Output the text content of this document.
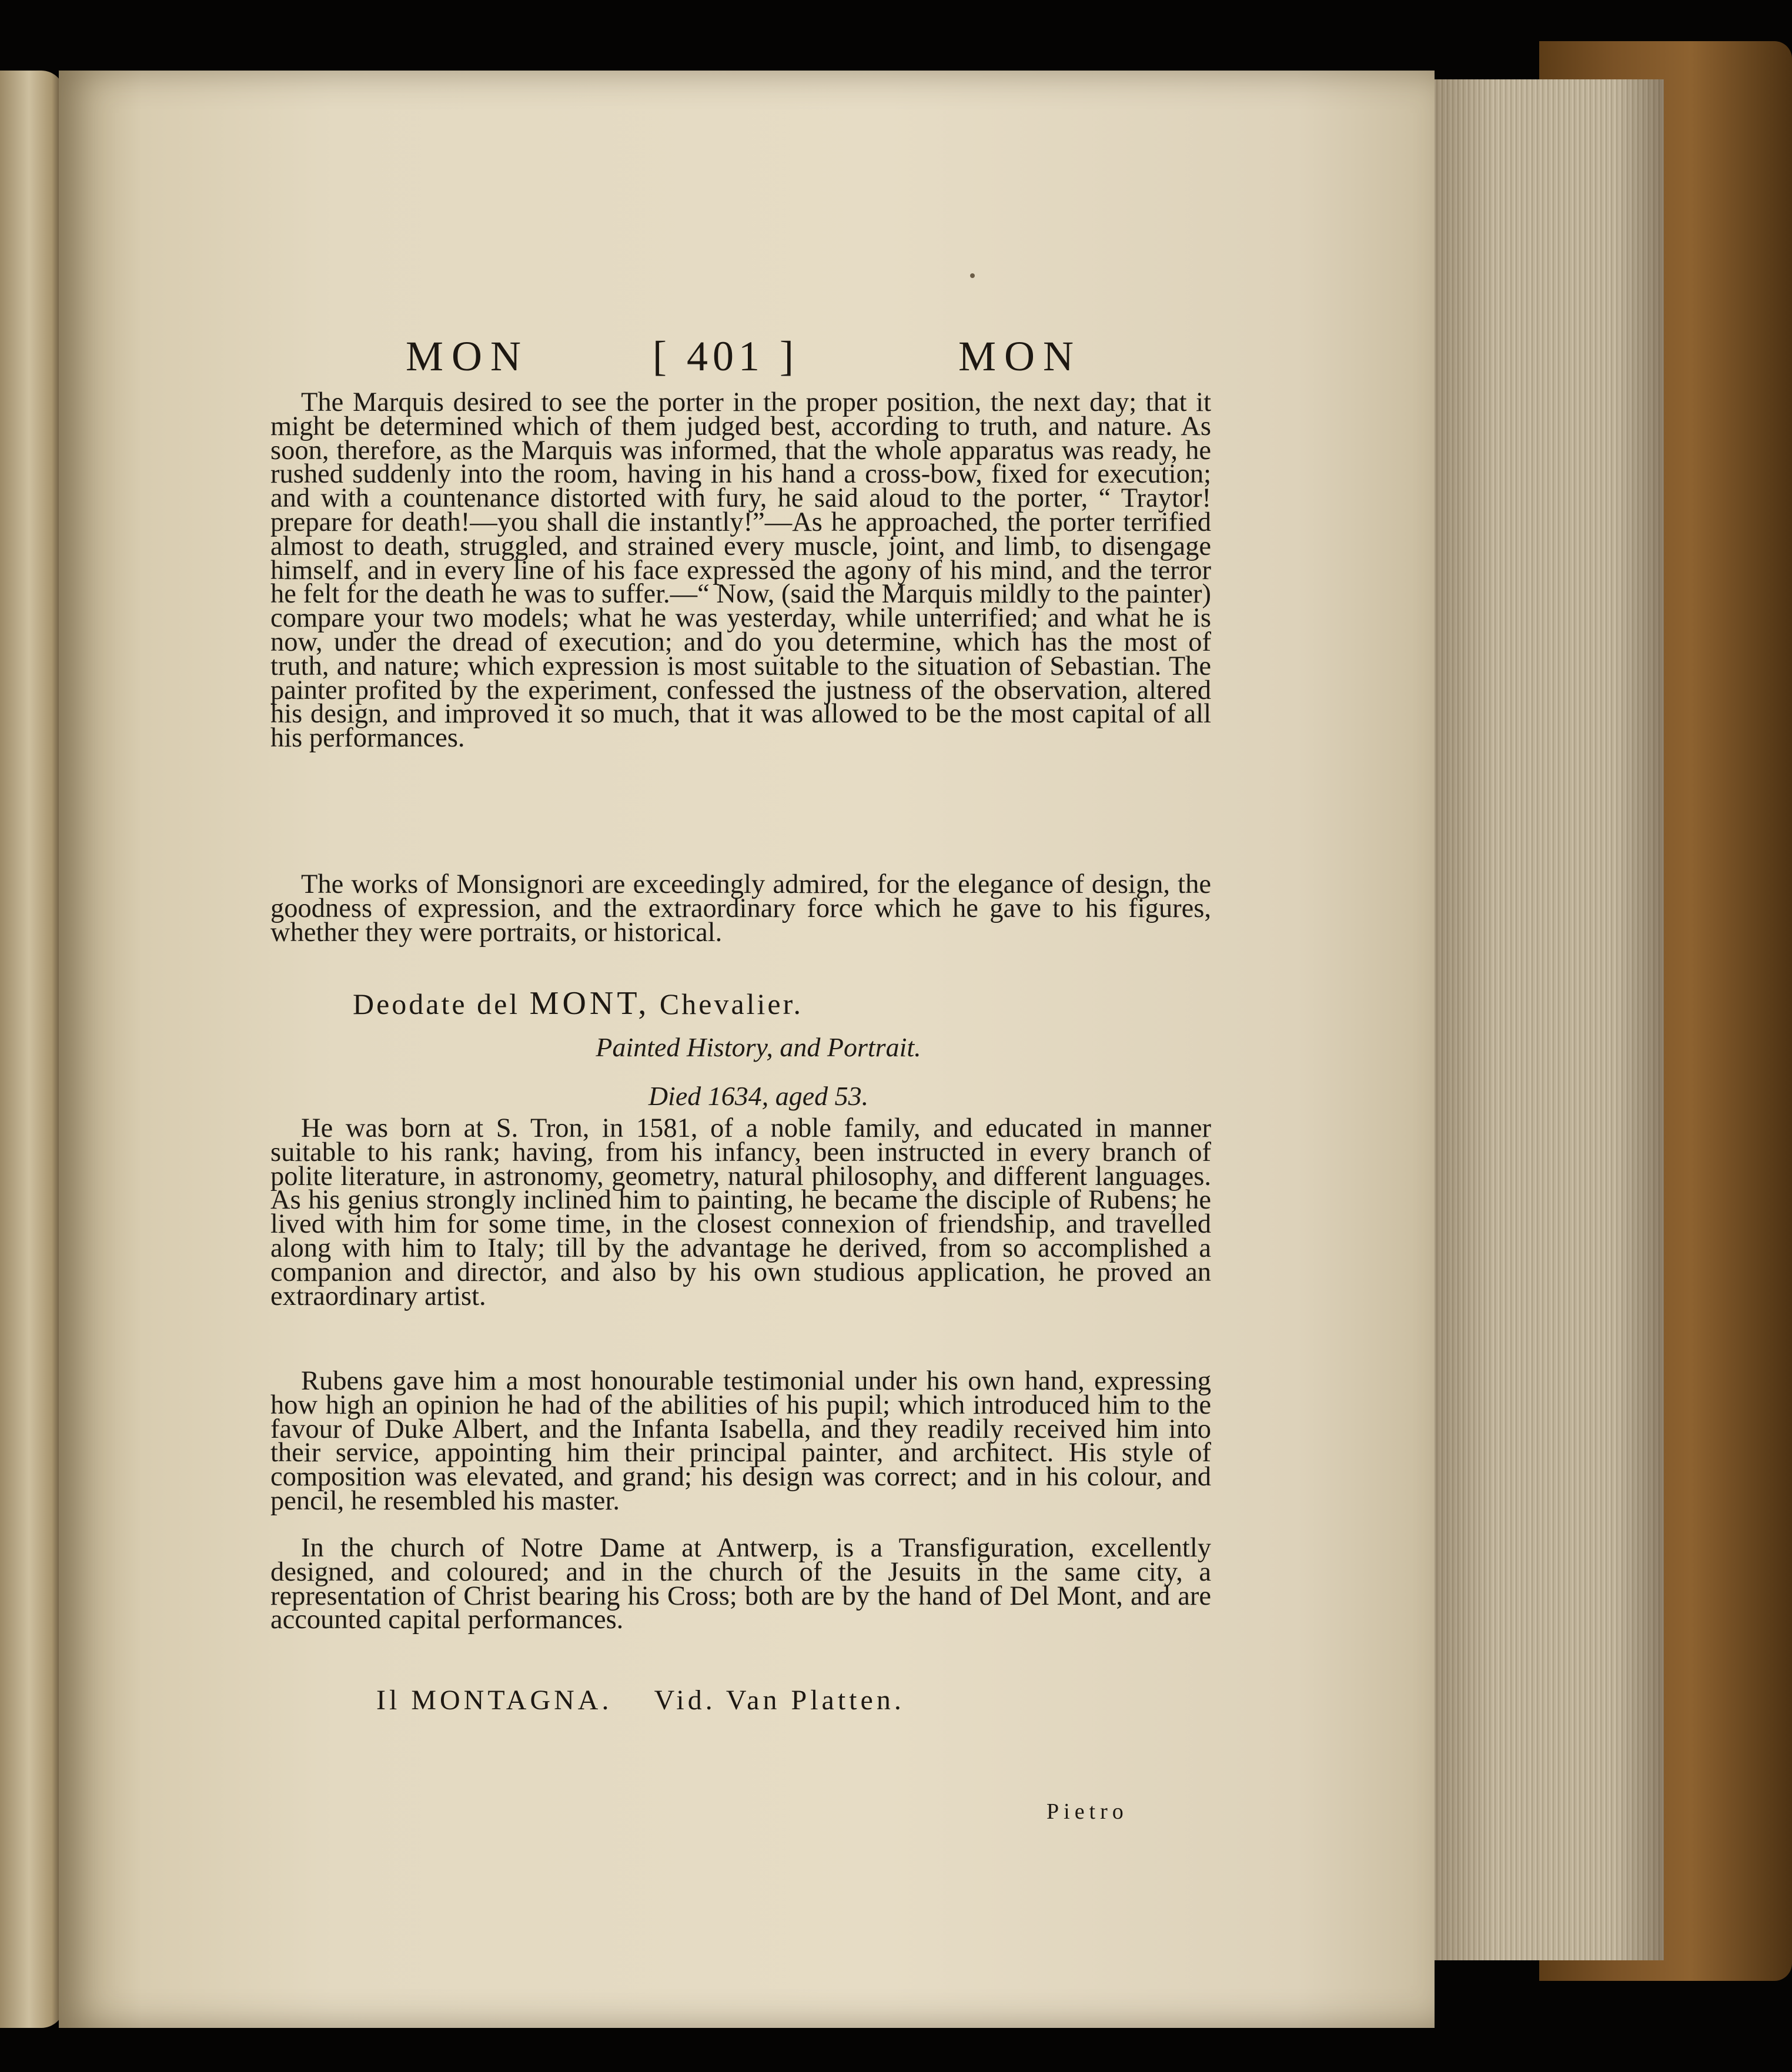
MON	[ 401 ]	MON

The Marquis desired to see the porter in the proper position, the next day; that it might be determined which of them judged best, according to truth, and nature. As soon, therefore, as the Marquis was informed, that the whole apparatus was ready, he rushed suddenly into the room, having in his hand a cross-bow, fixed for execution; and with a countenance distorted with fury, he said aloud to the porter, “ Traytor! prepare for death!—you shall die instantly!”—As he approached, the porter terrified almost to death, struggled, and strained every muscle, joint, and limb, to disengage himself, and in every line of his face expressed the agony of his mind, and the terror he felt for the death he was to suffer.—“ Now, (said the Marquis mildly to the painter) compare your two models; what he was yesterday, while unterrified; and what he is now, under the dread of execution; and do you determine, which has the most of truth, and nature; which expression is most suitable to the situation of Sebastian. The painter profited by the experiment, confessed the justness of the observation, altered his design, and improved it so much, that it was allowed to be the most capital of all his performances.

The works of Monsignori are exceedingly admired, for the elegance of design, the goodness of expression, and the extraordinary force which he gave to his figures, whether they were portraits, or historical.

Deodate del MONT, Chevalier.
Painted History, and Portrait.
Died 1634, aged 53.

He was born at S. Tron, in 1581, of a noble family, and educated in manner suitable to his rank; having, from his infancy, been instructed in every branch of polite literature, in astronomy, geometry, natural philosophy, and different languages. As his genius strongly inclined him to painting, he became the disciple of Rubens; he lived with him for some time, in the closest connexion of friendship, and travelled along with him to Italy; till by the advantage he derived, from so accomplished a companion and director, and also by his own studious application, he proved an extraordinary artist.

Rubens gave him a most honourable testimonial under his own hand, expressing how high an opinion he had of the abilities of his pupil; which introduced him to the favour of Duke Albert, and the Infanta Isabella, and they readily received him into their service, appointing him their principal painter, and architect. His style of composition was elevated, and grand; his design was correct; and in his colour, and pencil, he resembled his master.

In the church of Notre Dame at Antwerp, is a Transfiguration, excellently designed, and coloured; and in the church of the Jesuits in the same city, a representation of Christ bearing his Cross; both are by the hand of Del Mont, and are accounted capital performances.

Il MONTAGNA. Vid. Van Platten.
Pietro
